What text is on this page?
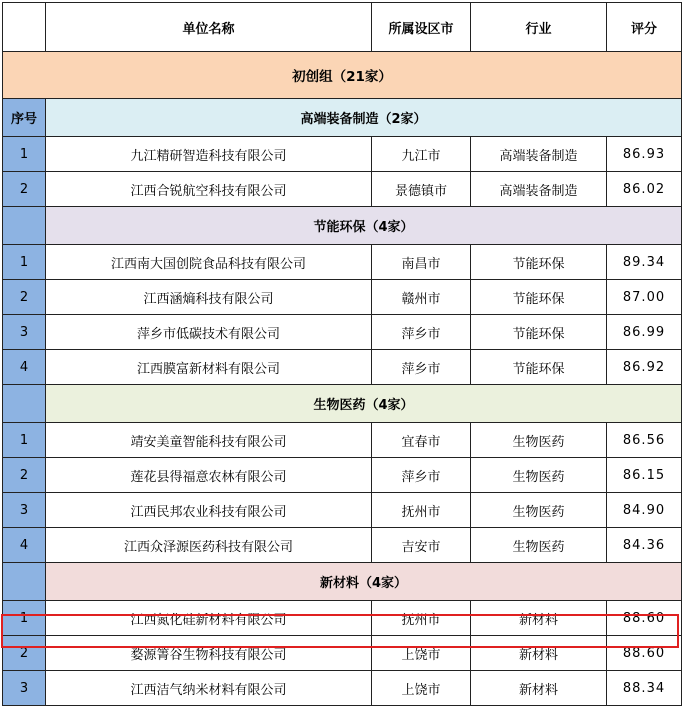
	单位名称	所属设区市	行业	评分
初创组（21家）				
序号	高端装备制造（2家）			
1	九江精研智造科技有限公司	九江市	高端装备制造	86.93
2	江西合锐航空科技有限公司	景德镇市	高端装备制造	86.02
	节能环保（4家）			
1	江西南大国创院食品科技有限公司	南昌市	节能环保	89.34
2	江西涵熵科技有限公司	赣州市	节能环保	87.00
3	萍乡市低碳技术有限公司	萍乡市	节能环保	86.99
4	江西膜富新材料有限公司	萍乡市	节能环保	86.92
	生物医药（4家）			
1	靖安美童智能科技有限公司	宜春市	生物医药	86.56
2	莲花县得福意农林有限公司	萍乡市	生物医药	86.15
3	江西民邦农业科技有限公司	抚州市	生物医药	84.90
4	江西众泽源医药科技有限公司	吉安市	生物医药	84.36
	新材料（4家）			
1	江西氮化硅新材料有限公司	抚州市	新材料	88.60
2	婺源箐谷生物科技有限公司	上饶市	新材料	88.60
3	江西洁气纳米材料有限公司	上饶市	新材料	88.34
